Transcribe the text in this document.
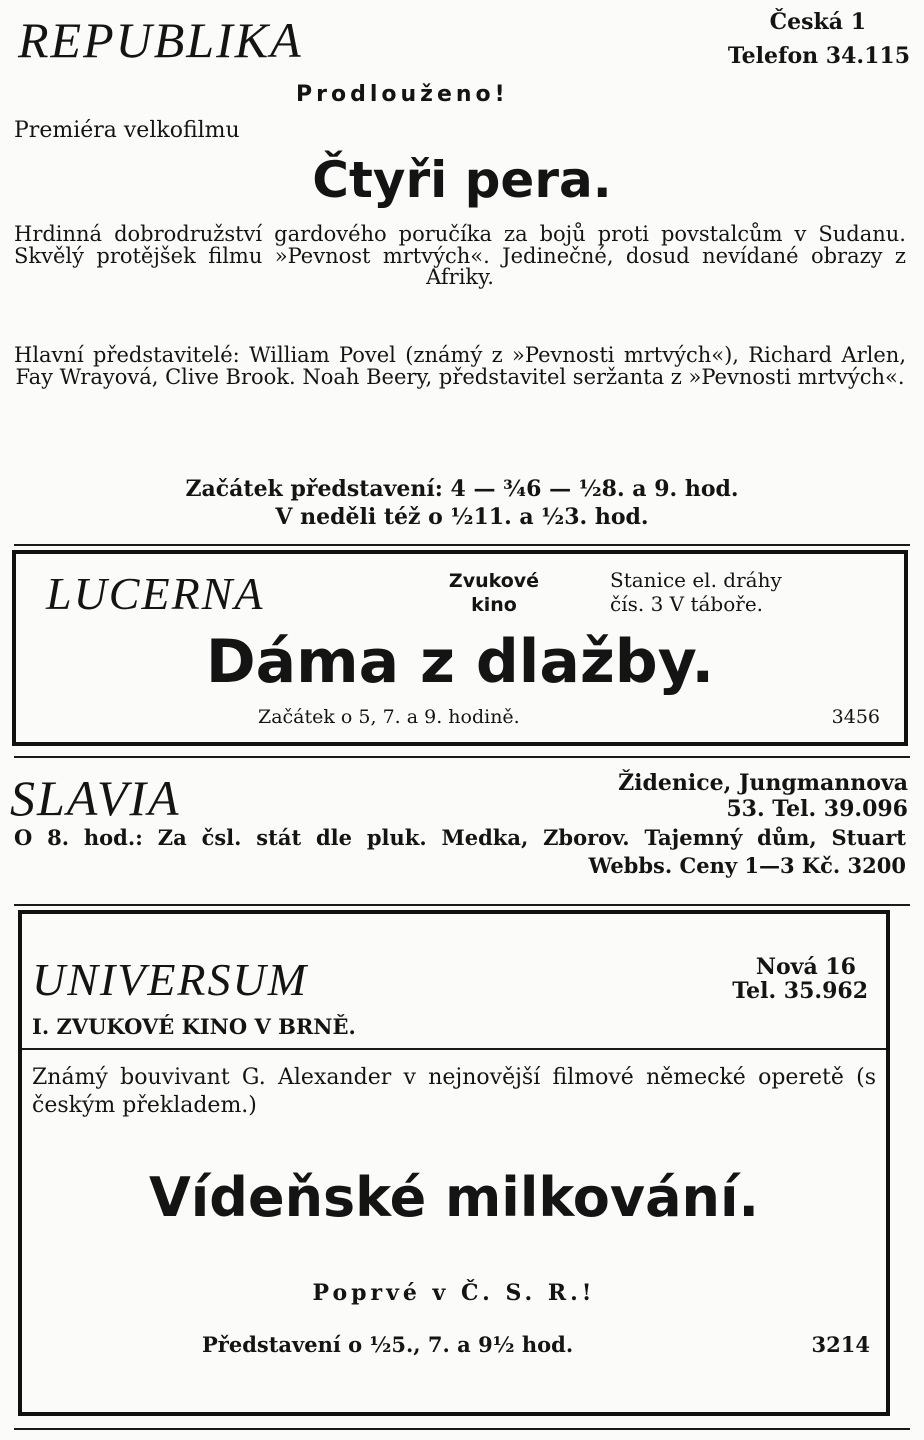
REPUBLIKA	Česká 1
Telefon 34.115
Prodlouženo!
Premiéra velkofilmu
Čtyři pera.

Hrdinná dobrodružství gardového poručíka za bojů proti povstalcům v Sudanu. Skvělý protějšek filmu »Pevnost mrtvých«. Jedinečné, dosud nevídané obrazy z Afriky.

Hlavní představitelé: William Povel (známý z »Pevnosti mrtvých«), Richard Arlen, Fay Wrayová, Clive Brook. Noah Beery, představitel seržanta z »Pevnosti mrtvých«.

Začátek představení: 4 — ¾6 — ½8. a 9. hod.
V neděli též o ½11. a ½3. hod.
LUCERNA	Zvukové
kino
Stanice el. dráhy
čís. 3 V táboře.
Dáma z dlažby.
Začátek o 5, 7. a 9. hodině.	3456
SLAVIA	Židenice, Jungmannova 53. Tel. 39.096

O 8. hod.: Za čsl. stát dle pluk. Medka, Zborov. Tajemný dům, Stuart Webbs. Ceny 1—3 Kč. 3200

UNIVERSUM	Nová 16
Tel. 35.962
I. ZVUKOVÉ KINO V BRNĚ.

Známý bouvivant G. Alexander v nejnovější filmové německé operetě (s českým překladem.)

Vídeňské milkování.
Poprvé v Č. S. R.!
Představení o ½5., 7. a 9½ hod.	3214
